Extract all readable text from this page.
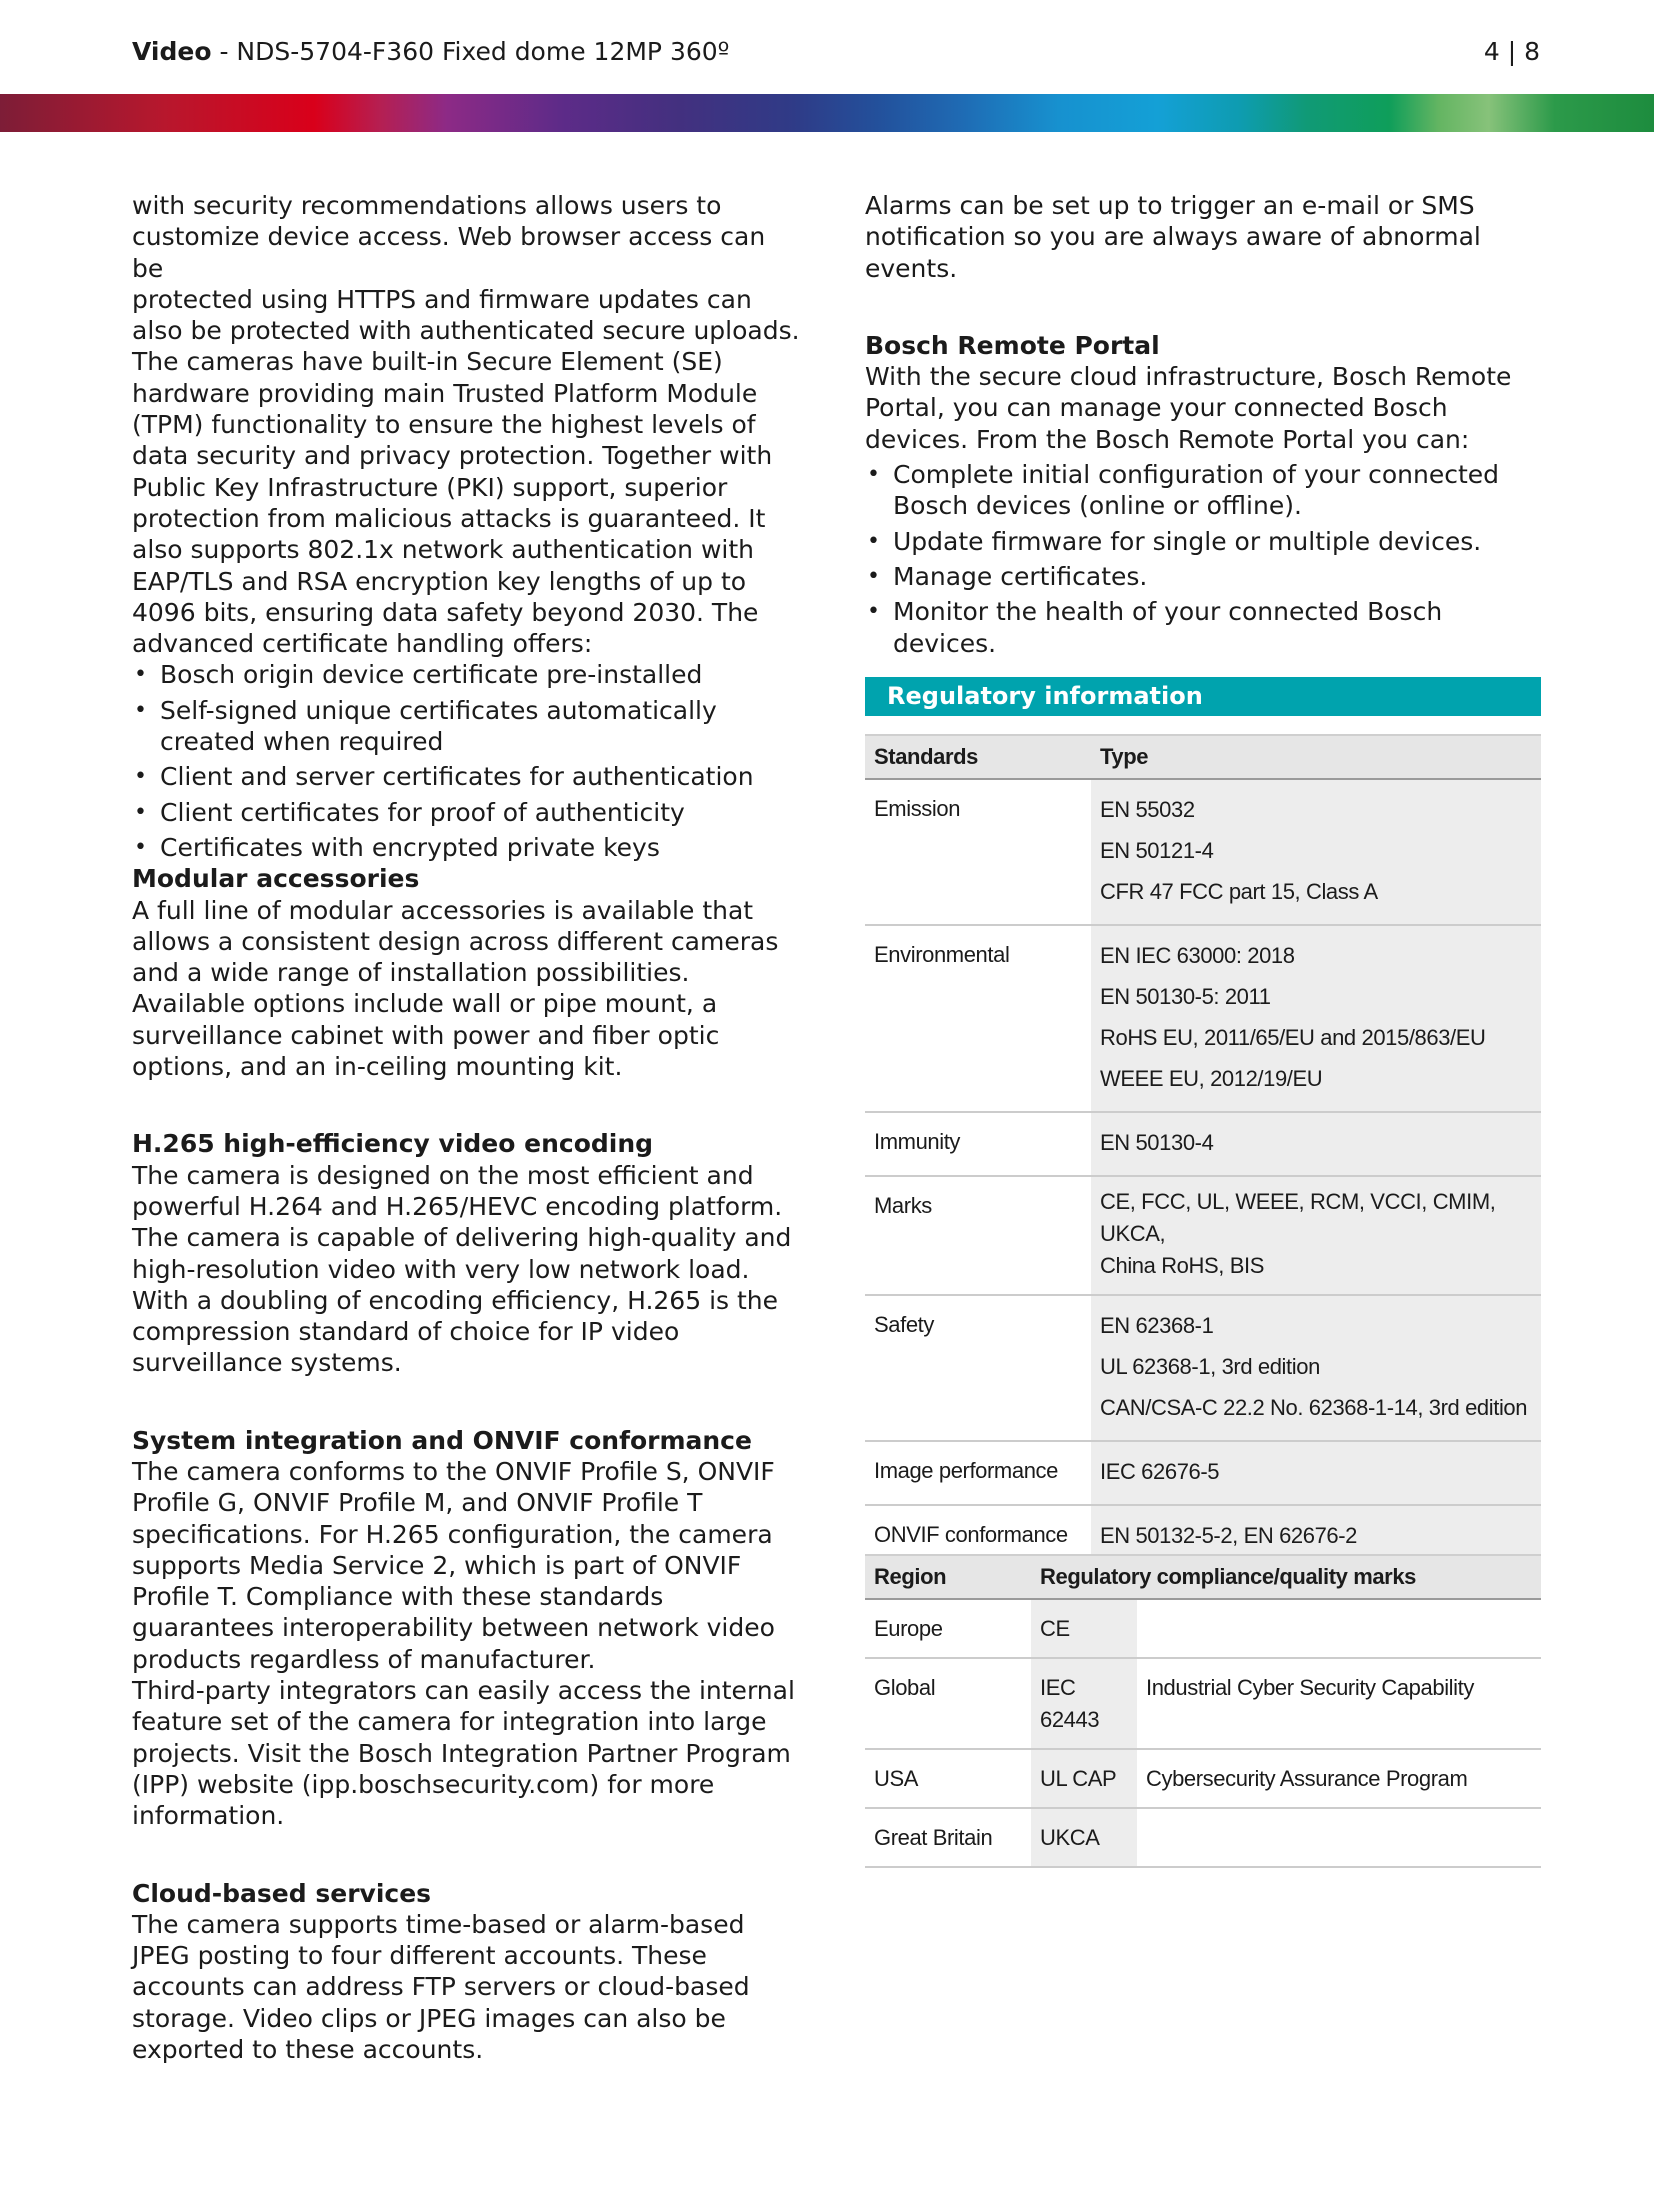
Video - NDS-5704-F360 Fixed dome 12MP 360º	4 | 8

with security recommendations allows users to
customize device access. Web browser access can be
protected using HTTPS and firmware updates can
also be protected with authenticated secure uploads.
The cameras have built-in Secure Element (SE)
hardware providing main Trusted Platform Module
(TPM) functionality to ensure the highest levels of
data security and privacy protection. Together with
Public Key Infrastructure (PKI) support, superior
protection from malicious attacks is guaranteed. It
also supports 802.1x network authentication with
EAP/TLS and RSA encryption key lengths of up to
4096 bits, ensuring data safety beyond 2030. The
advanced certificate handling offers:

• Bosch origin device certificate pre-installed
• Self-signed unique certificates automatically
created when required
• Client and server certificates for authentication
• Client certificates for proof of authenticity
• Certificates with encrypted private keys
Modular accessories

A full line of modular accessories is available that
allows a consistent design across different cameras
and a wide range of installation possibilities.
Available options include wall or pipe mount, a
surveillance cabinet with power and fiber optic
options, and an in-ceiling mounting kit.

H.265 high-efficiency video encoding

The camera is designed on the most efficient and
powerful H.264 and H.265/HEVC encoding platform.
The camera is capable of delivering high-quality and
high-resolution video with very low network load.
With a doubling of encoding efficiency, H.265 is the
compression standard of choice for IP video
surveillance systems.

System integration and ONVIF conformance

The camera conforms to the ONVIF Profile S, ONVIF
Profile G, ONVIF Profile M, and ONVIF Profile T
specifications. For H.265 configuration, the camera
supports Media Service 2, which is part of ONVIF
Profile T. Compliance with these standards
guarantees interoperability between network video
products regardless of manufacturer.
Third-party integrators can easily access the internal
feature set of the camera for integration into large
projects. Visit the Bosch Integration Partner Program
(IPP) website (ipp.boschsecurity.com) for more
information.

Cloud-based services

The camera supports time-based or alarm-based
JPEG posting to four different accounts. These
accounts can address FTP servers or cloud-based
storage. Video clips or JPEG images can also be
exported to these accounts.

Alarms can be set up to trigger an e-mail or SMS
notification so you are always aware of abnormal
events.

Bosch Remote Portal

With the secure cloud infrastructure, Bosch Remote
Portal, you can manage your connected Bosch
devices. From the Bosch Remote Portal you can:

• Complete initial configuration of your connected
Bosch devices (online or offline).
• Update firmware for single or multiple devices.
• Manage certificates.
• Monitor the health of your connected Bosch
devices.
Regulatory information
Standards	Type
Emission	EN 55032
EN 50121-4
CFR 47 FCC part 15, Class A

Environmental	EN IEC 63000: 2018
EN 50130-5: 2011
RoHS EU, 2011/65/EU and 2015/863/EU
WEEE EU, 2012/19/EU

Immunity	EN 50130-4

Marks	CE, FCC, UL, WEEE, RCM, VCCI, CMIM, UKCA,
China RoHS, BIS

Safety	EN 62368-1
UL 62368-1, 3rd edition
CAN/CSA-C 22.2 No. 62368-1-14, 3rd edition

Image performance	IEC 62676-5

ONVIF conformance	EN 50132-5-2, EN 62676-2
Region	Regulatory compliance/quality marks	
Europe	CE	
Global	IEC 62443	Industrial Cyber Security Capability
USA	UL CAP	Cybersecurity Assurance Program
Great Britain	UKCA	
